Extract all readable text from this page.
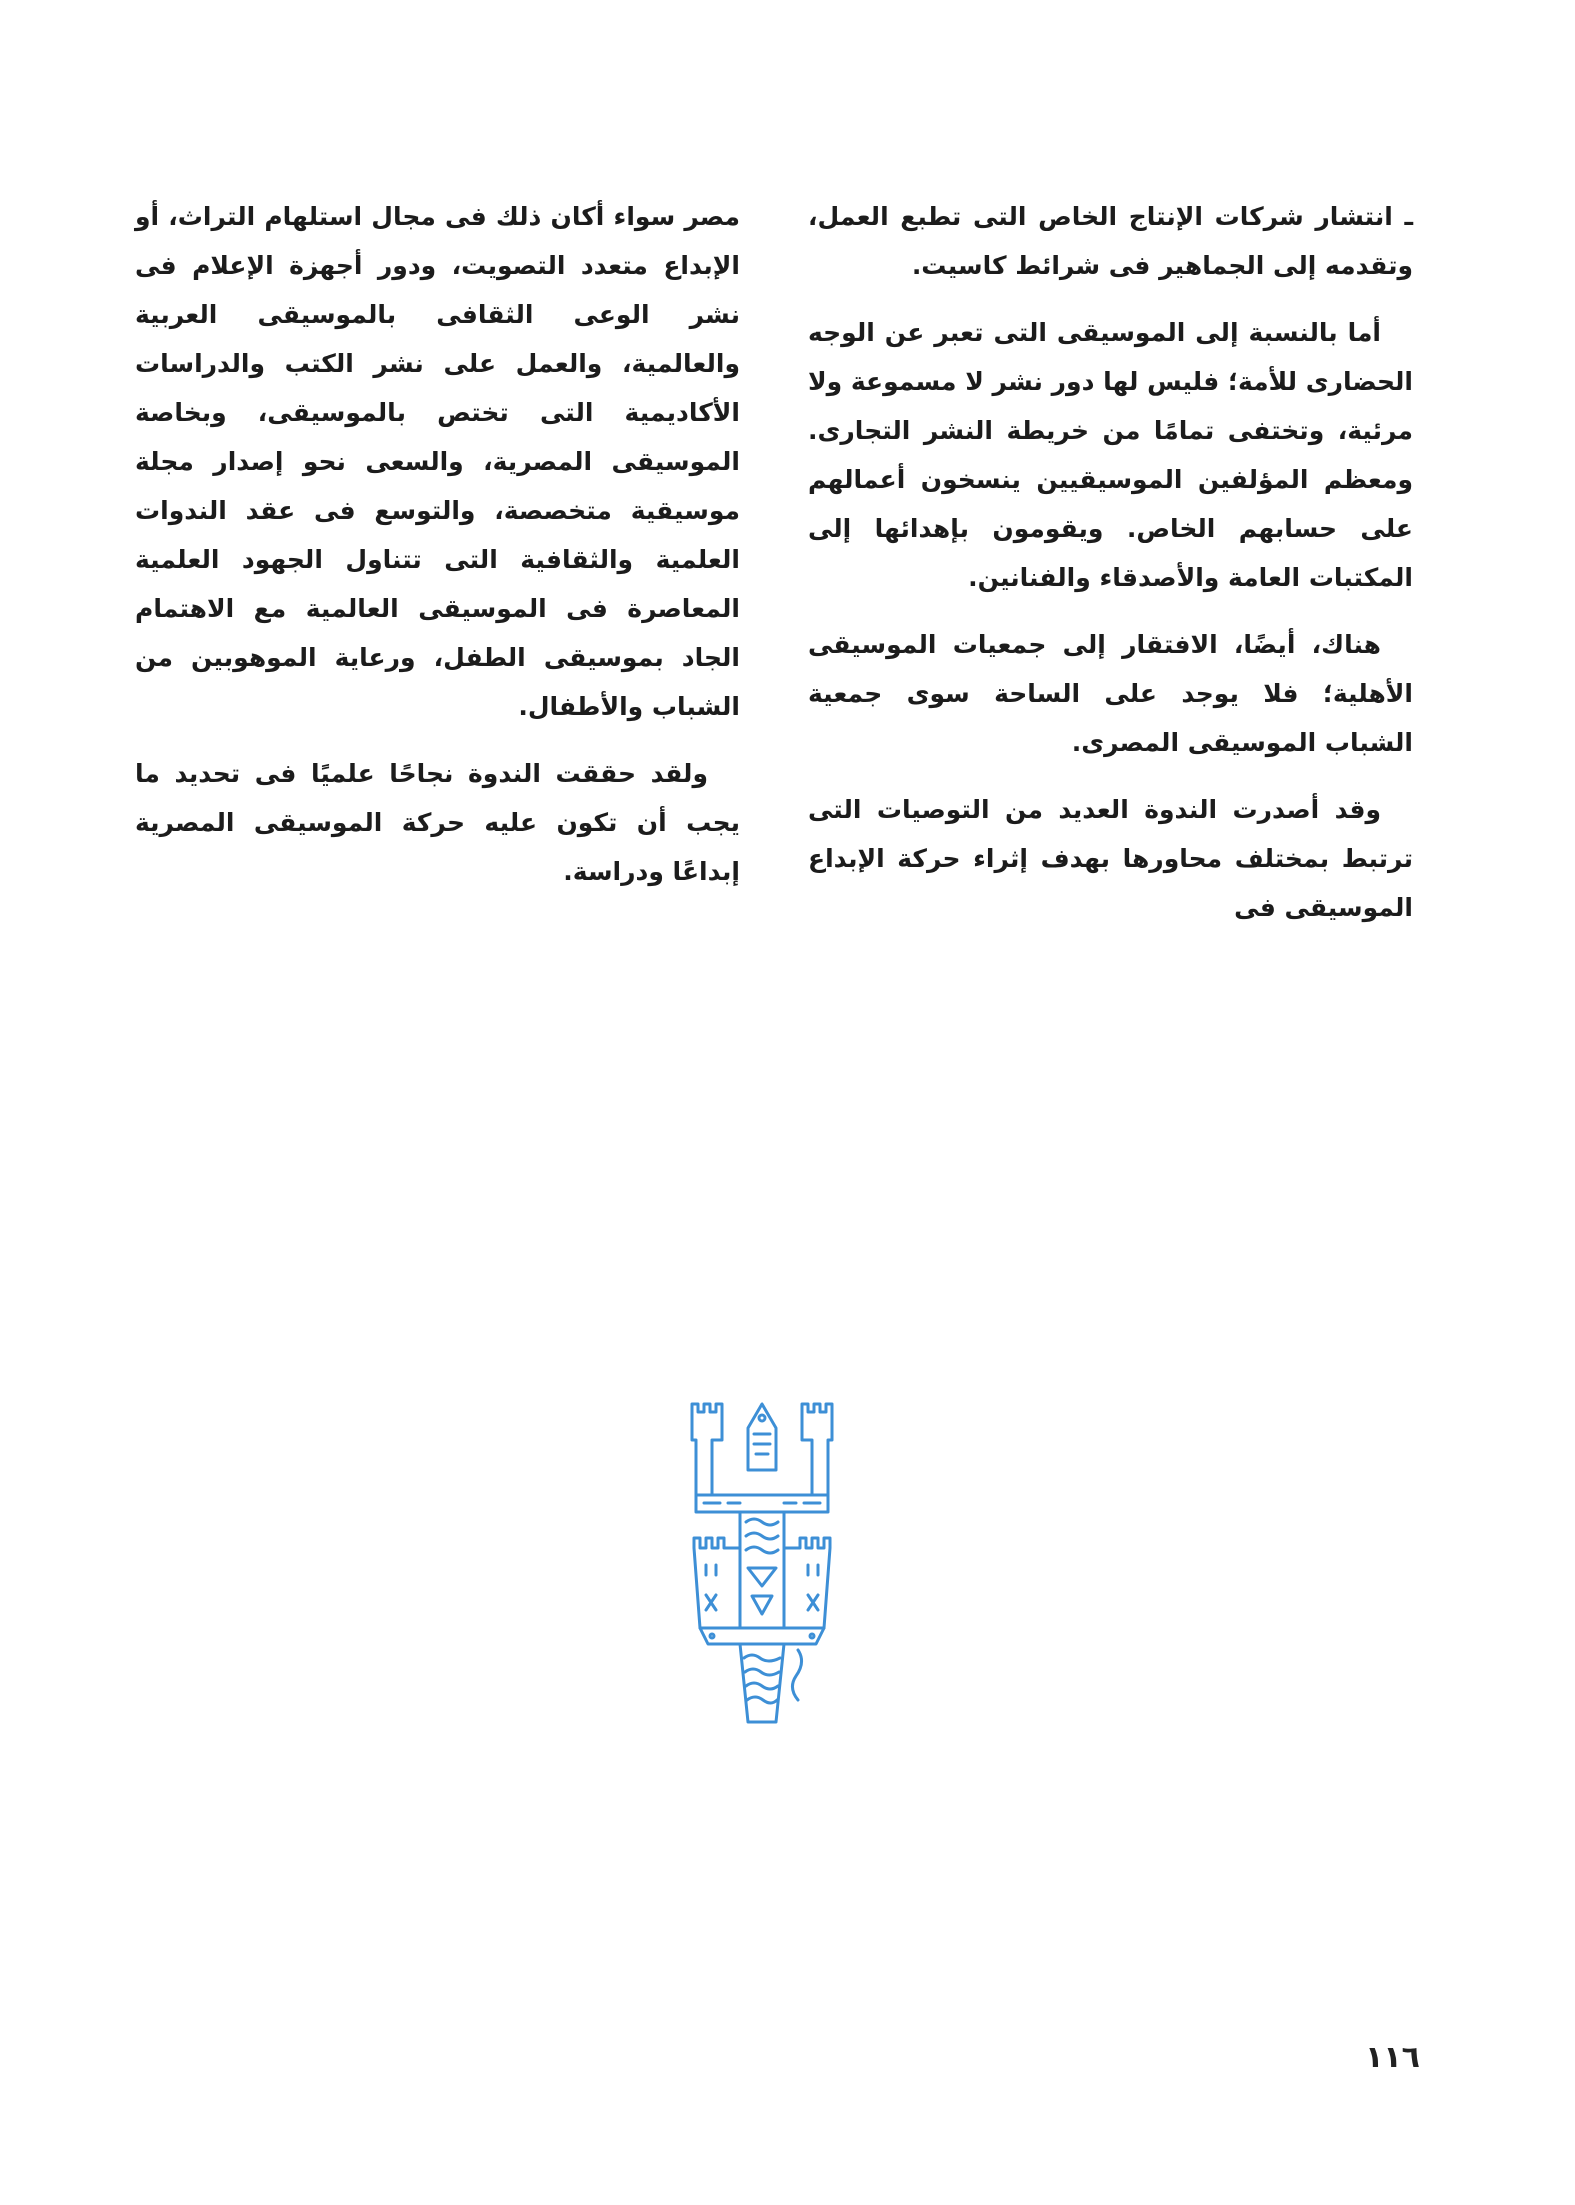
ـ انتشار شركات الإنتاج الخاص التى تطبع العمل، وتقدمه إلى الجماهير فى شرائط كاسيت.

أما بالنسبة إلى الموسيقى التى تعبر عن الوجه الحضارى للأمة؛ فليس لها دور نشر لا مسموعة ولا مرئية، وتختفى تمامًا من خريطة النشر التجارى. ومعظم المؤلفين الموسيقيين ينسخون أعمالهم على حسابهم الخاص. ويقومون بإهدائها إلى المكتبات العامة والأصدقاء والفنانين.

هناك، أيضًا، الافتقار إلى جمعيات الموسيقى الأهلية؛ فلا يوجد على الساحة سوى جمعية الشباب الموسيقى المصرى.

وقد أصدرت الندوة العديد من التوصيات التى ترتبط بمختلف محاورها بهدف إثراء حركة الإبداع الموسيقى فى

مصر سواء أكان ذلك فى مجال استلهام التراث، أو الإبداع متعدد التصويت، ودور أجهزة الإعلام فى نشر الوعى الثقافى بالموسيقى العربية والعالمية، والعمل على نشر الكتب والدراسات الأكاديمية التى تختص بالموسيقى، وبخاصة الموسيقى المصرية، والسعى نحو إصدار مجلة موسيقية متخصصة، والتوسع فى عقد الندوات العلمية والثقافية التى تتناول الجهود العلمية المعاصرة فى الموسيقى العالمية مع الاهتمام الجاد بموسيقى الطفل، ورعاية الموهوبين من الشباب والأطفال.

ولقد حققت الندوة نجاحًا علميًا فى تحديد ما يجب أن تكون عليه حركة الموسيقى المصرية إبداعًا ودراسة.

١١٦
